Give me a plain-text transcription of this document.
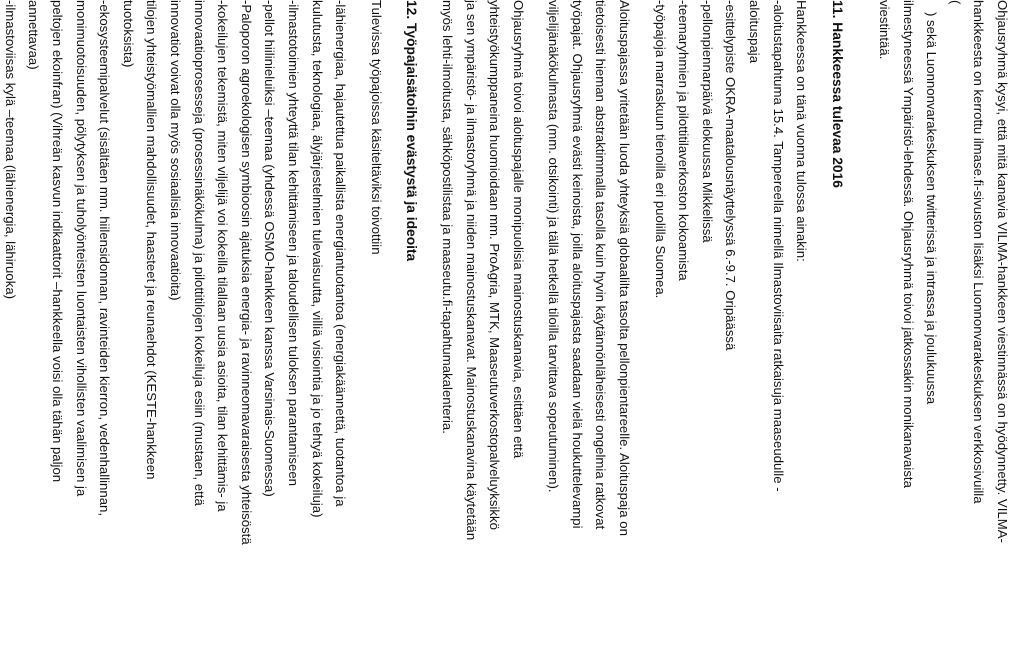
Ohjausryhmä kysyi, että mitä kanavia VILMA-hankkeen viestinnässä on hyödynnetty. VILMA-
hankkeesta on kerrottu ilmase.fi-sivuston lisäksi Luonnonvarakeskuksen verkkosivuilla
(
) sekä Luonnonvarakeskuksen twitterissä ja intrassa ja joulukuussa
ilmestyneessä Ympäristö-lehdessä. Ohjausryhmä toivoi jatkossakin monikanavaista
viestintää.
11. Hankkeessa tulevaa 2016
Hankkeessa on tänä vuonna tulossa ainakin:
-aloitustapahtuma 15.4. Tampereella nimellä Ilmastoviisaita ratkaisuja maaseudulle -
aloituspaja
-esittelypiste OKRA-maatalousnäyttelyssä 6.-9.7. Oripäässä
-pellonpiennarpäivä elokuussa Mikkelissä
-teemaryhmien ja pilottitilaverkoston kokoamista
-työpajoja marraskuun tienoilla eri puolilla Suomea.
Aloituspajassa yritetään luoda yhteyksiä globaalilta tasolta pellonpientareelle. Aloituspaja on
tietoisesti hieman abstraktimmalla tasolla kuin hyvin käytännönläheisesti ongelmia ratkovat
työpajat. Ohjausryhmä evästi keinoista, joilla aloituspajasta saadaan vielä houkuttelevampi
viljelijänäkökulmasta (mm. otsikointi) ja tällä hetkellä tiloilla tarvittava sopeutuminen).
Ohjausryhmä toivoi aloituspajalle monipuolisia mainostuskanavia, esittäen että
yhteistyökumppaneina huomioidaan mm. ProAgria, MTK, Maaseutuverkostopalveluyksikkö
ja sen ympäristö- ja ilmastoryhmä ja niiden mainostuskanavat. Mainostuskanavina käytetään
myös lehti-ilmoitusta, sähköpostilistaa ja maaseutu.fi-tapahtumakalenteria.
12. Työpajaisätoihin evästystä ja ideoita
Tulevissa työpajoissa käsiteltäviksi toivottiin
-lähienergiaa, hajautettua paikallista energiantuotantoa (energiakäännettä, tuotantoa ja
kulutusta, teknologiaa, älyjärjestelmien tulevaisuutta, villiä visiointia ja jo tehtyä kokeiluja)
-ilmastotoimien yhteyttä tilan kehittämiseen ja taloudellisen tuloksen parantamiseen
-pellot hiilinieluiksi –teemaa (yhdessä OSMO-hankkeen kanssa Varsinais-Suomessa)
-Paloporon agroekologisen symbioosin ajatuksia energia- ja ravinneomavaraisesta yhteisöstä
-kokeilujen tekemistä, miten viljelijä voi kokeilla tilallaan uusia asioita, tilan kehittämis- ja
innovaatioprosesseja (prosessinäkökulma) ja pilottitilojen kokeiluja esiin (mustaen, että
innovatiot voivat olla myös sosiaalisia innovaatioita)
tilojen yhteistyömallien mahdollisuudet, haasteet ja reunaehdot (KESTE-hankkeen
tuotoksista)
-ekosysteemipalvelut (sisältäen mm. hiilensidonnan, ravinteiden kierron, vedenhallinnan,
monimuotoisuuden, pölytyksen ja tuholyönteisten luontaisten vihollisten vaalimisen ja
peltojen ekoinfran) (Vihreän kasvun indikaattorit –hankkeella voisi olla tähän paljon
annettavaa)
-ilmastoviisas kylä –teemaa (lähienergia, lähiruoka)
